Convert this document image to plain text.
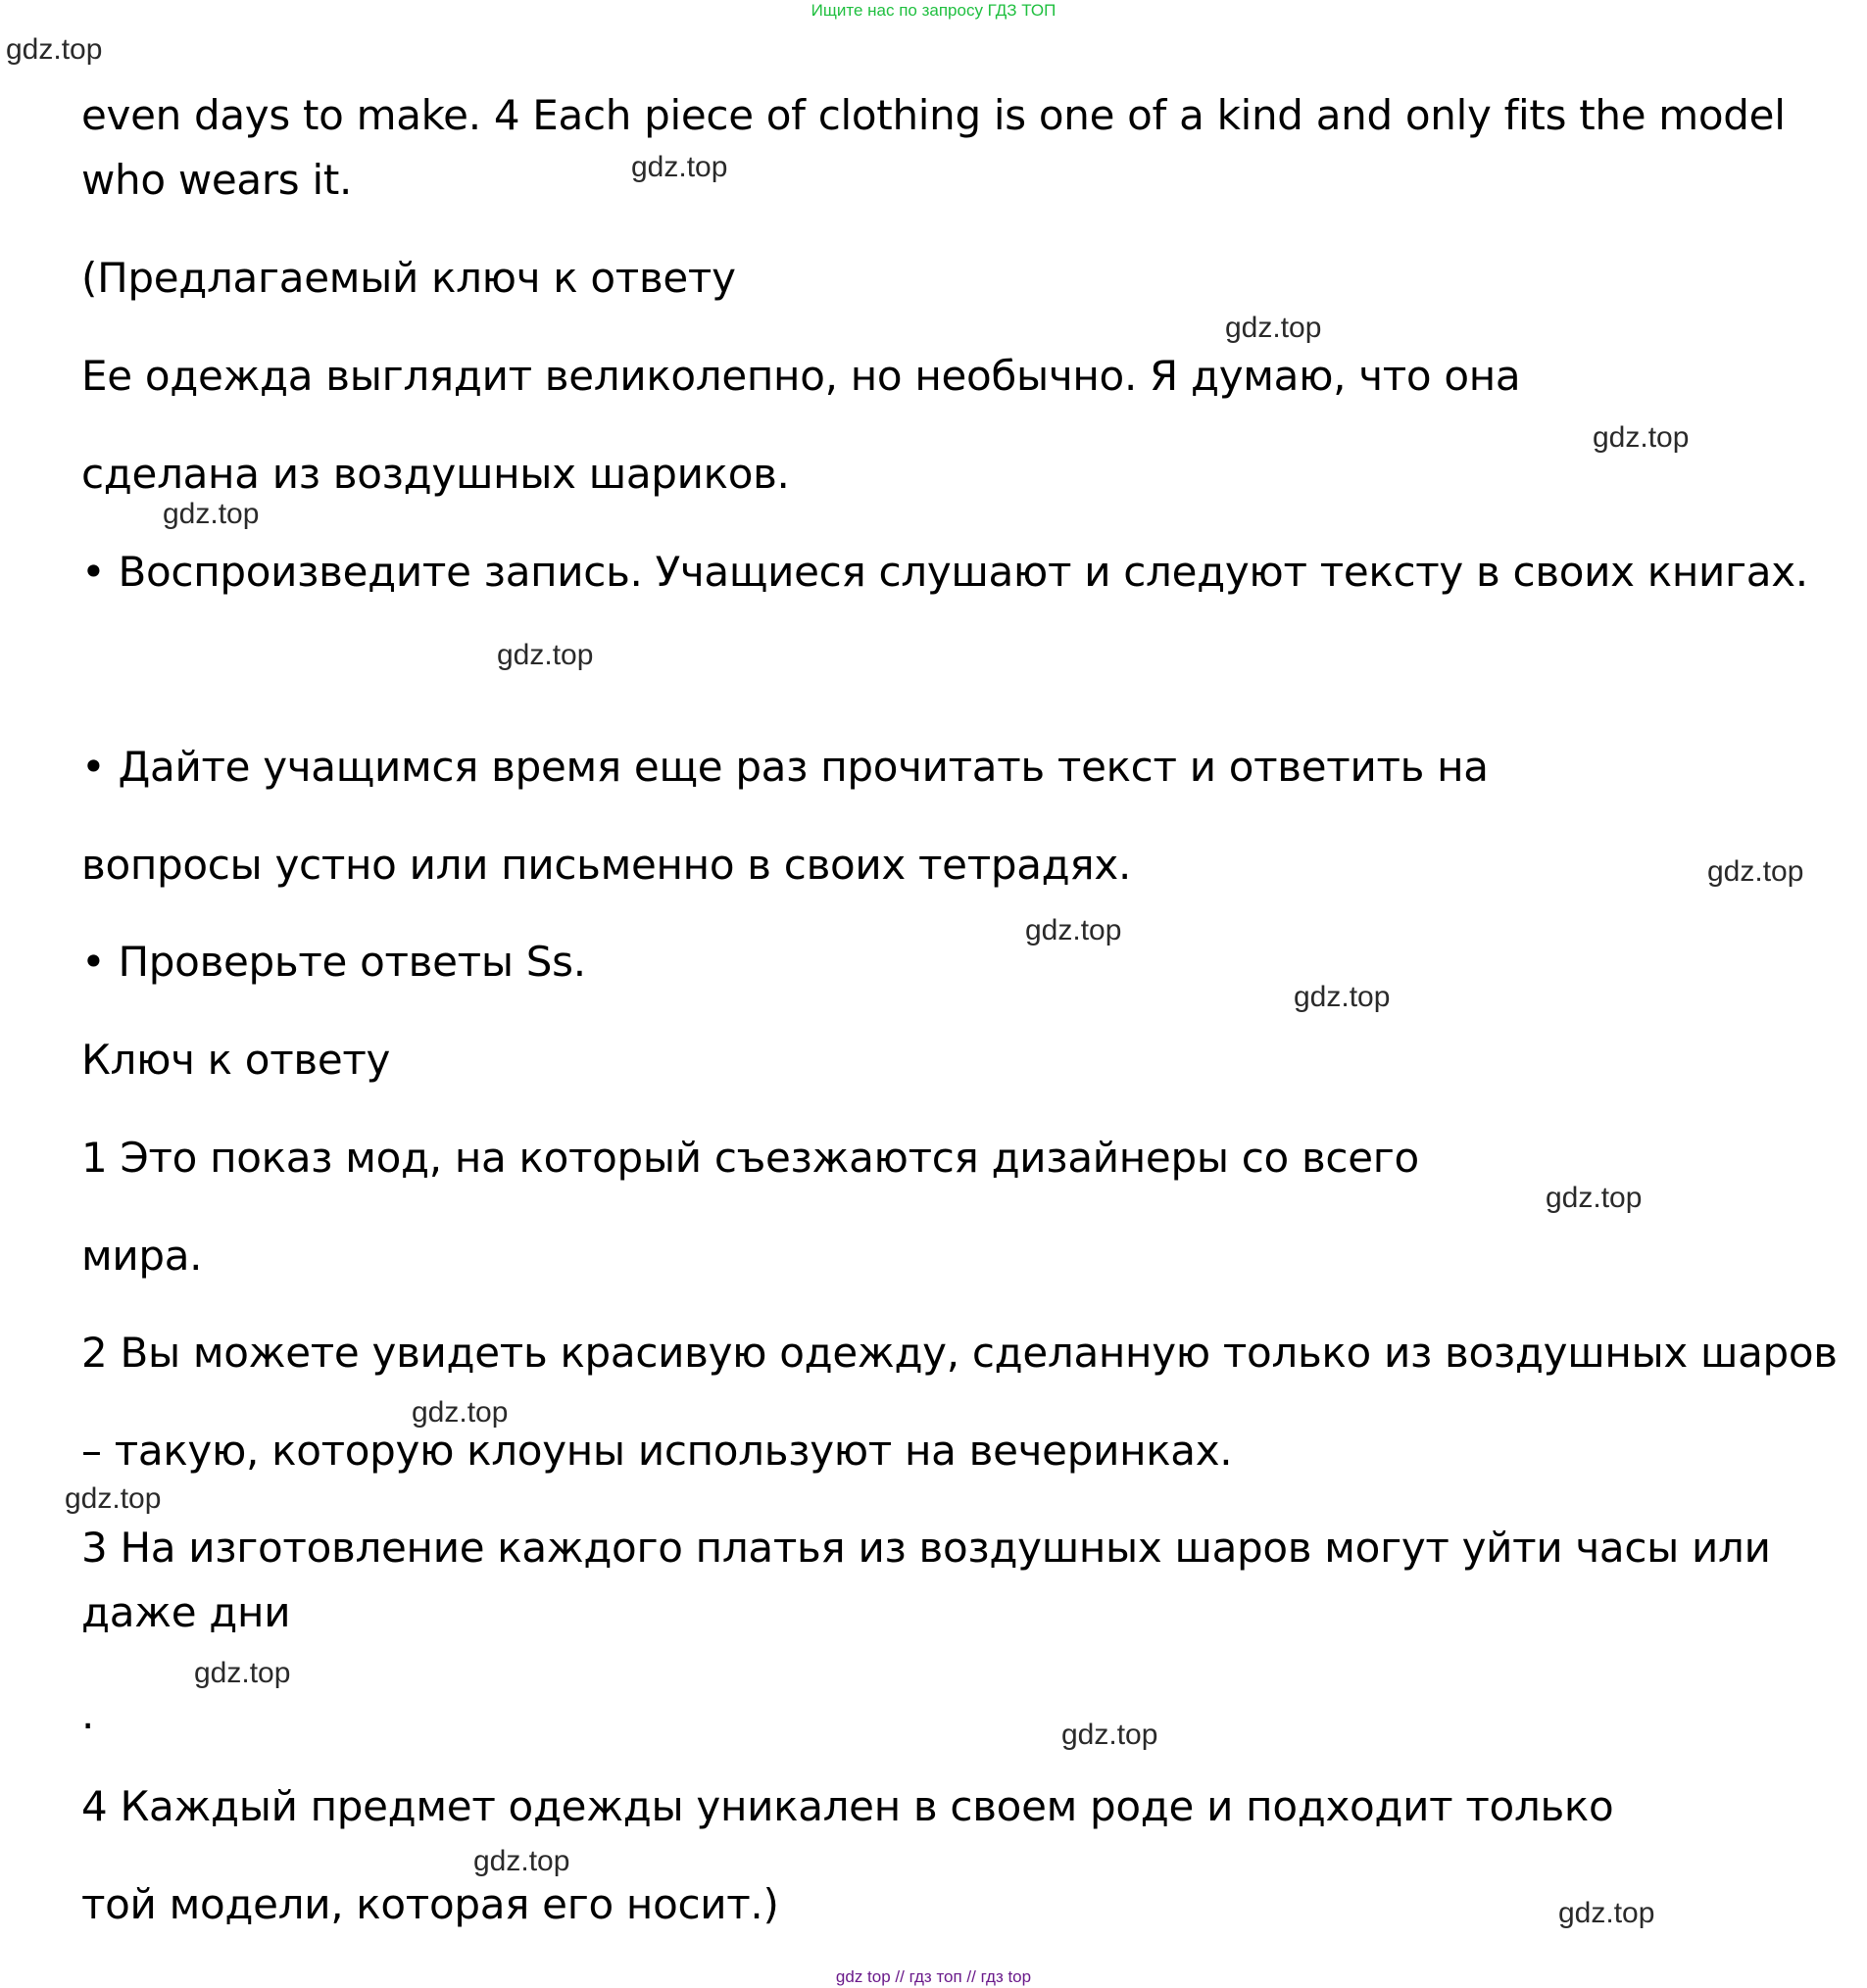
Ищите нас по запросу ГДЗ ТОП
gdz.top
even days to make. 4 Each piece of clothing is one of a kind and only fits the model
who wears it.	gdz.top
(Предлагаемый ключ к ответу
gdz.top
Ее одежда выглядит великолепно, но необычно. Я думаю, что она
gdz.top
сделана из воздушных шариков.
gdz.top
• Воспроизведите запись. Учащиеся слушают и следуют тексту в своих книгах.
gdz.top
• Дайте учащимся время еще раз прочитать текст и ответить на
вопросы устно или письменно в своих тетрадях.	gdz.top
gdz.top
• Проверьте ответы Ss.
gdz.top
Ключ к ответу
1 Это показ мод, на который съезжаются дизайнеры со всего
gdz.top
мира.
2 Вы можете увидеть красивую одежду, сделанную только из воздушных шаров
gdz.top
– такую, которую клоуны используют на вечеринках.
gdz.top
3 На изготовление каждого платья из воздушных шаров могут уйти часы или
даже дни
gdz.top
.	gdz.top
4 Каждый предмет одежды уникален в своем роде и подходит только
gdz.top
той модели, которая его носит.)	gdz.top
gdz top // гдз топ // гдз top
